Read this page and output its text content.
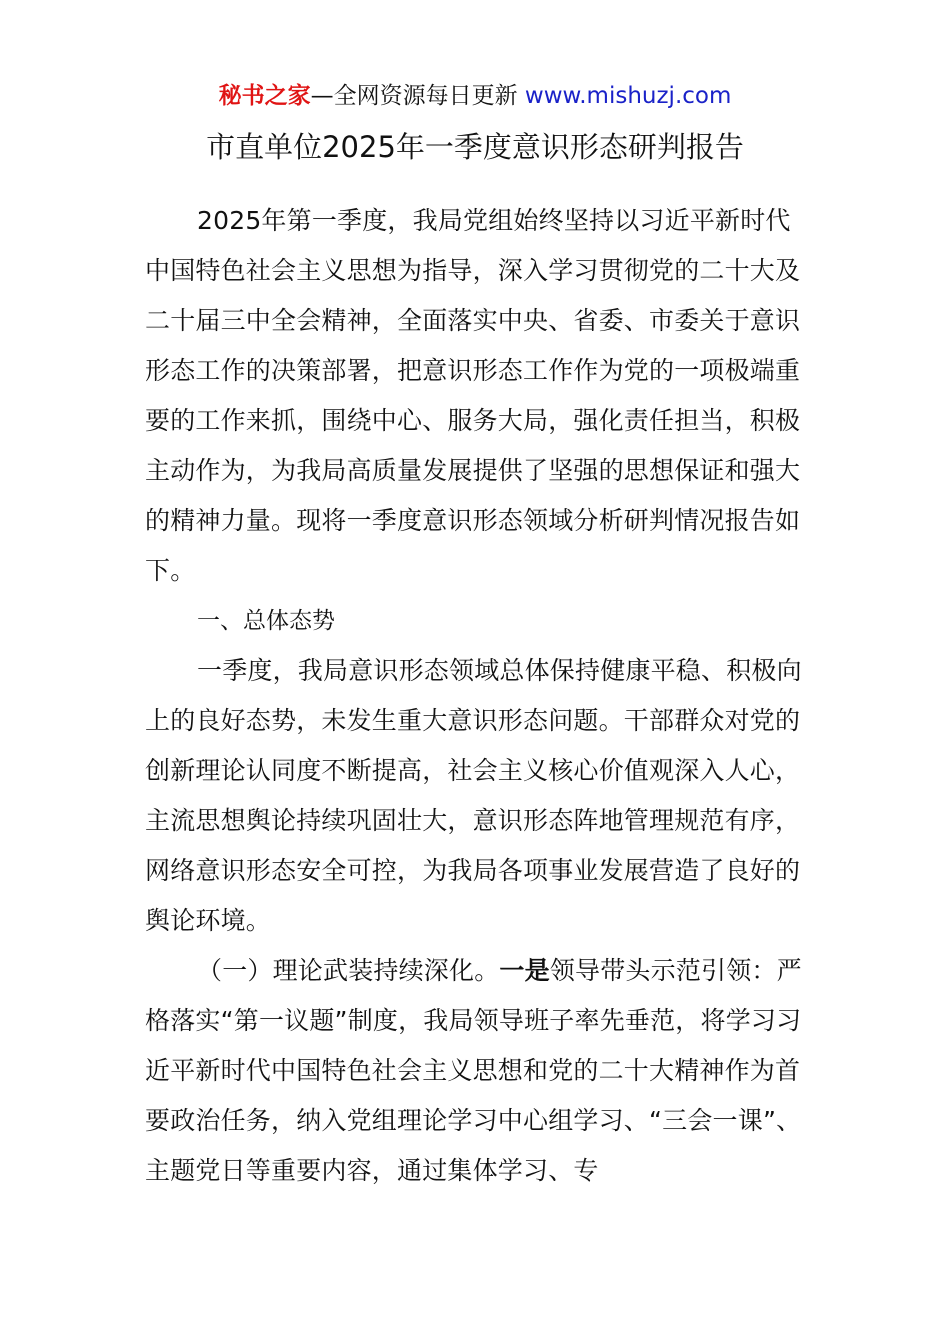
秘书之家—全网资源每日更新 www.mishuzj.com
市直单位2025年一季度意识形态研判报告

2025年第一季度，我局党组始终坚持以习近平新时代中国特色社会主义思想为指导，深入学习贯彻党的二十大及二十届三中全会精神，全面落实中央、省委、市委关于意识形态工作的决策部署，把意识形态工作作为党的一项极端重要的工作来抓，围绕中心、服务大局，强化责任担当，积极主动作为，为我局高质量发展提供了坚强的思想保证和强大的精神力量。现将一季度意识形态领域分析研判情况报告如下。

一、总体态势

一季度，我局意识形态领域总体保持健康平稳、积极向上的良好态势，未发生重大意识形态问题。干部群众对党的创新理论认同度不断提高，社会主义核心价值观深入人心，主流思想舆论持续巩固壮大，意识形态阵地管理规范有序，网络意识形态安全可控，为我局各项事业发展营造了良好的舆论环境。

（一）理论武装持续深化。一是领导带头示范引领：严格落实“第一议题”制度，我局领导班子率先垂范，将学习习近平新时代中国特色社会主义思想和党的二十大精神作为首要政治任务，纳入党组理论学习中心组学习、“三会一课”、主题党日等重要内容，通过集体学习、专
